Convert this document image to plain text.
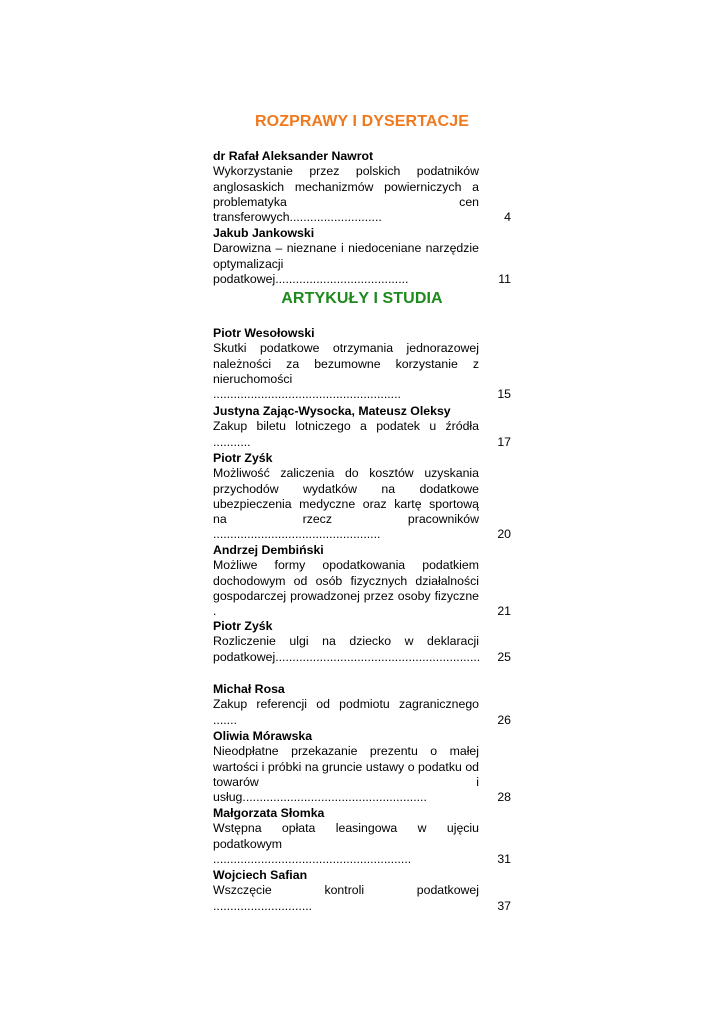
ROZPRAWY I DYSERTACJE
dr Rafał Aleksander Nawrot
Wykorzystanie przez polskich podatników anglosaskich mechanizmów powierniczych a problematyka cen transferowych...........................	4
Jakub Jankowski
Darowizna – nieznane i niedoceniane narzędzie optymalizacji podatkowej.......................................	11
ARTYKUŁY I STUDIA
Piotr Wesołowski
Skutki podatkowe otrzymania jednorazowej należności za bezumowne korzystanie z nieruchomości .......................................................	15
Justyna Zając-Wysocka, Mateusz Oleksy
Zakup biletu lotniczego a podatek u źródła ...........	17
Piotr Zyśk
Możliwość zaliczenia do kosztów uzyskania przychodów wydatków na dodatkowe ubezpieczenia medyczne oraz kartę sportową na rzecz pracowników .................................................	20
Andrzej Dembiński
Możliwe formy opodatkowania podatkiem dochodowym od osób fizycznych działalności gospodarczej prowadzonej przez osoby fizyczne .	21
Piotr Zyśk
Rozliczenie ulgi na dziecko w deklaracji podatkowej............................................................	25
Michał Rosa
Zakup referencji od podmiotu zagranicznego .......	26
Oliwia Mórawska
Nieodpłatne przekazanie prezentu o małej wartości i próbki na gruncie ustawy o podatku od towarów i usług......................................................	28
Małgorzata Słomka
Wstępna opłata leasingowa w ujęciu podatkowym ..........................................................	31
Wojciech Safian
Wszczęcie kontroli podatkowej .............................	37
